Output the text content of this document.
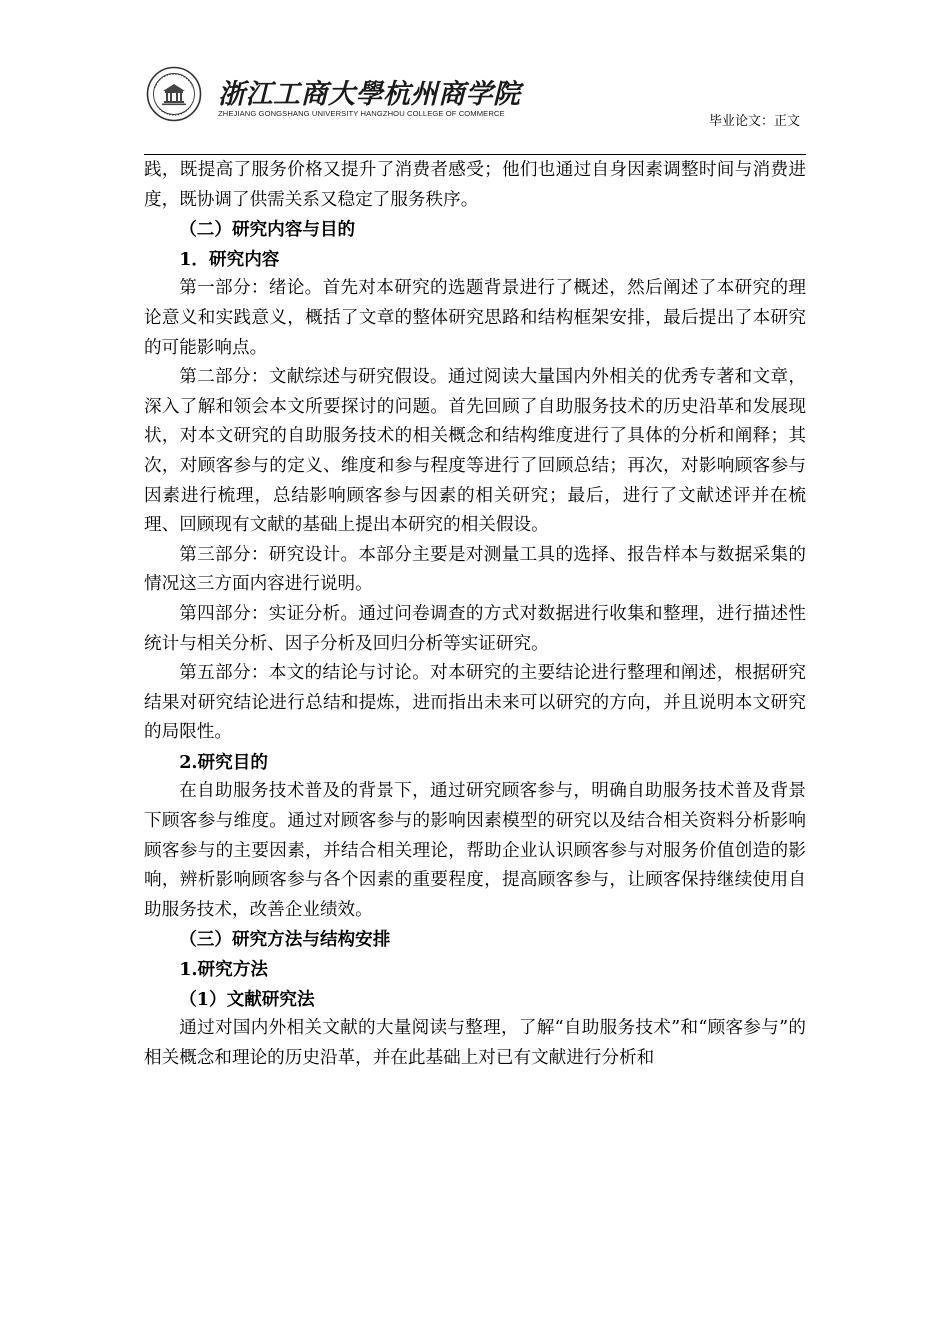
浙江工商大學杭州商学院
ZHEJIANG GONGSHANG UNIVERSITY HANGZHOU COLLEGE OF COMMERCE
毕业论文：正文

践，既提高了服务价格又提升了消费者感受；他们也通过自身因素调整时间与消费进度，既协调了供需关系又稳定了服务秩序。

（二）研究内容与目的

1．研究内容

第一部分：绪论。首先对本研究的选题背景进行了概述，然后阐述了本研究的理论意义和实践意义，概括了文章的整体研究思路和结构框架安排，最后提出了本研究的可能影响点。

第二部分：文献综述与研究假设。通过阅读大量国内外相关的优秀专著和文章，深入了解和领会本文所要探讨的问题。首先回顾了自助服务技术的历史沿革和发展现状，对本文研究的自助服务技术的相关概念和结构维度进行了具体的分析和阐释；其次，对顾客参与的定义、维度和参与程度等进行了回顾总结；再次，对影响顾客参与因素进行梳理，总结影响顾客参与因素的相关研究；最后，进行了文献述评并在梳理、回顾现有文献的基础上提出本研究的相关假设。

第三部分：研究设计。本部分主要是对测量工具的选择、报告样本与数据采集的情况这三方面内容进行说明。

第四部分：实证分析。通过问卷调查的方式对数据进行收集和整理，进行描述性统计与相关分析、因子分析及回归分析等实证研究。

第五部分：本文的结论与讨论。对本研究的主要结论进行整理和阐述，根据研究结果对研究结论进行总结和提炼，进而指出未来可以研究的方向，并且说明本文研究的局限性。

2.研究目的

在自助服务技术普及的背景下，通过研究顾客参与，明确自助服务技术普及背景下顾客参与维度。通过对顾客参与的影响因素模型的研究以及结合相关资料分析影响顾客参与的主要因素，并结合相关理论，帮助企业认识顾客参与对服务价值创造的影响，辨析影响顾客参与各个因素的重要程度，提高顾客参与，让顾客保持继续使用自助服务技术，改善企业绩效。

（三）研究方法与结构安排

1.研究方法

（1）文献研究法

通过对国内外相关文献的大量阅读与整理，了解“自助服务技术”和“顾客参与”的相关概念和理论的历史沿革，并在此基础上对已有文献进行分析和
